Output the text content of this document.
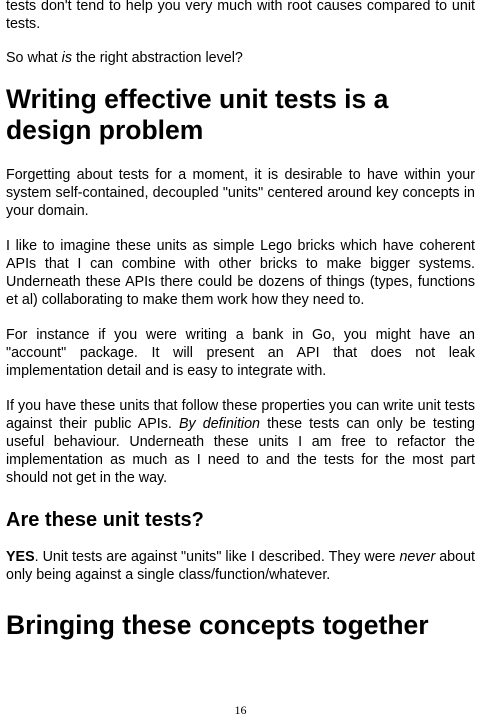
tests don't tend to help you very much with root causes compared to unit tests.

So what is the right abstraction level?

Writing effective unit tests is a design problem

Forgetting about tests for a moment, it is desirable to have within your system self-contained, decoupled "units" centered around key concepts in your domain.

I like to imagine these units as simple Lego bricks which have coherent APIs that I can combine with other bricks to make bigger systems. Underneath these APIs there could be dozens of things (types, functions et al) collaborating to make them work how they need to.

For instance if you were writing a bank in Go, you might have an "account" package. It will present an API that does not leak implementation detail and is easy to integrate with.

If you have these units that follow these properties you can write unit tests against their public APIs. By definition these tests can only be testing useful behaviour. Underneath these units I am free to refactor the implementation as much as I need to and the tests for the most part should not get in the way.

Are these unit tests?

YES. Unit tests are against "units" like I described. They were never about only being against a single class/function/whatever.

Bringing these concepts together
16
